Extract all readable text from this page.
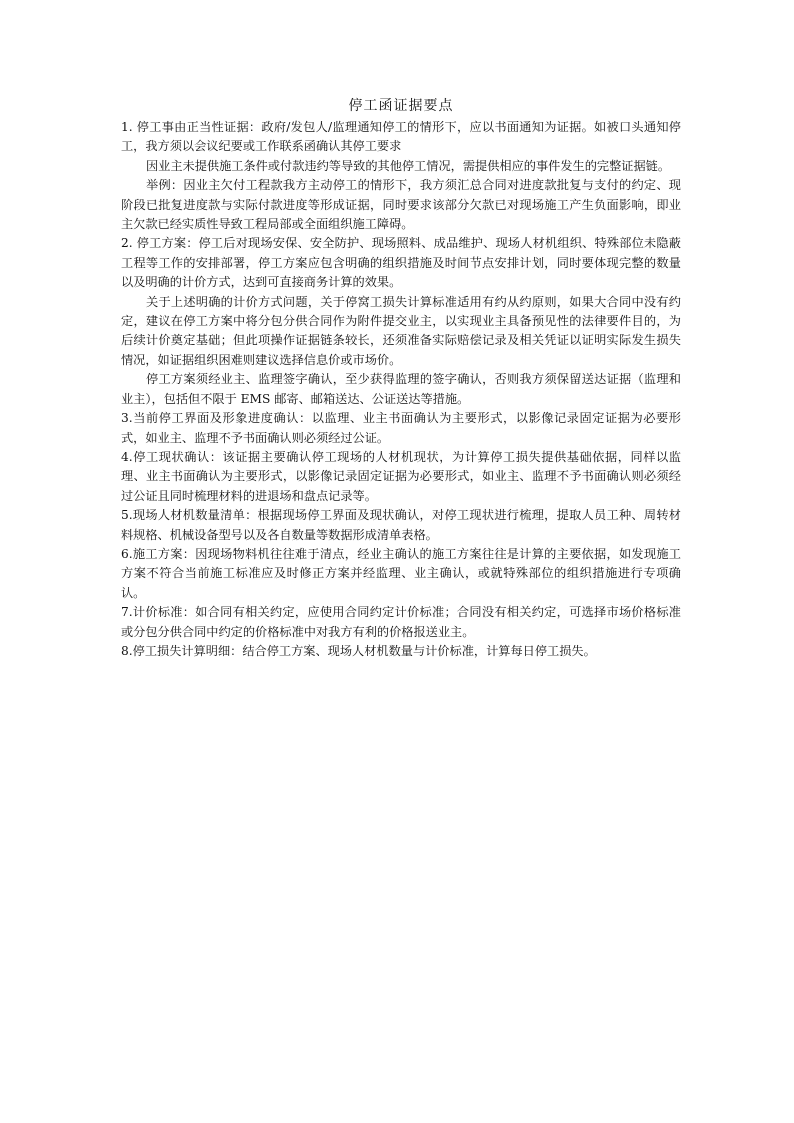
停工函证据要点

1. 停工事由正当性证据：政府/发包人/监理通知停工的情形下，应以书面通知为证据。如被口头通知停工，我方须以会议纪要或工作联系函确认其停工要求

因业主未提供施工条件或付款违约等导致的其他停工情况，需提供相应的事件发生的完整证据链。

举例：因业主欠付工程款我方主动停工的情形下，我方须汇总合同对进度款批复与支付的约定、现阶段已批复进度款与实际付款进度等形成证据，同时要求该部分欠款已对现场施工产生负面影响，即业主欠款已经实质性导致工程局部或全面组织施工障碍。

2. 停工方案：停工后对现场安保、安全防护、现场照料、成品维护、现场人材机组织、特殊部位未隐蔽工程等工作的安排部署，停工方案应包含明确的组织措施及时间节点安排计划，同时要体现完整的数量以及明确的计价方式，达到可直接商务计算的效果。

关于上述明确的计价方式问题，关于停窝工损失计算标准适用有约从约原则，如果大合同中没有约定，建议在停工方案中将分包分供合同作为附件提交业主，以实现业主具备预见性的法律要件目的，为后续计价奠定基础；但此项操作证据链条较长，还须准备实际赔偿记录及相关凭证以证明实际发生损失情况，如证据组织困难则建议选择信息价或市场价。

停工方案须经业主、监理签字确认，至少获得监理的签字确认，否则我方须保留送达证据（监理和业主），包括但不限于 EMS 邮寄、邮箱送达、公证送达等措施。

3.当前停工界面及形象进度确认：以监理、业主书面确认为主要形式，以影像记录固定证据为必要形式，如业主、监理不予书面确认则必须经过公证。

4.停工现状确认：该证据主要确认停工现场的人材机现状，为计算停工损失提供基础依据，同样以监理、业主书面确认为主要形式，以影像记录固定证据为必要形式，如业主、监理不予书面确认则必须经过公证且同时梳理材料的进退场和盘点记录等。

5.现场人材机数量清单：根据现场停工界面及现状确认，对停工现状进行梳理，提取人员工种、周转材料规格、机械设备型号以及各自数量等数据形成清单表格。

6.施工方案：因现场物料机往往难于清点，经业主确认的施工方案往往是计算的主要依据，如发现施工方案不符合当前施工标准应及时修正方案并经监理、业主确认，或就特殊部位的组织措施进行专项确认。

7.计价标准：如合同有相关约定，应使用合同约定计价标准；合同没有相关约定，可选择市场价格标准或分包分供合同中约定的价格标准中对我方有利的价格报送业主。

8.停工损失计算明细：结合停工方案、现场人材机数量与计价标准，计算每日停工损失。
